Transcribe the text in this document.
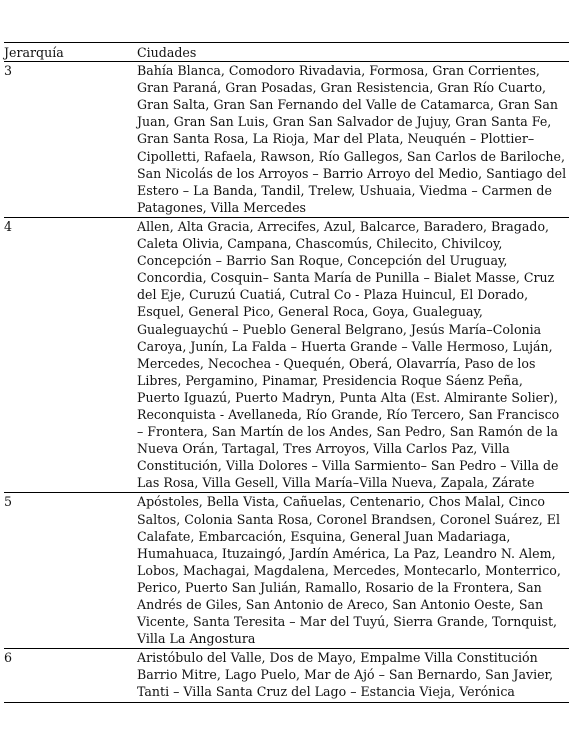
Jerarquía	Ciudades
3	Bahía Blanca, Comodoro Rivadavia, Formosa, Gran Corrientes, Gran Paraná, Gran Posadas, Gran Resistencia, Gran Río Cuarto, Gran Salta, Gran San Fernando del Valle de Catamarca, Gran San Juan, Gran San Luis, Gran San Salvador de Jujuy, Gran Santa Fe, Gran Santa Rosa, La Rioja, Mar del Plata, Neuquén – Plottier– Cipolletti, Rafaela, Rawson, Río Gallegos, San Carlos de Bariloche, San Nicolás de los Arroyos – Barrio Arroyo del Medio, Santiago del Estero – La Banda, Tandil, Trelew, Ushuaia, Viedma – Carmen de Patagones, Villa Mercedes
4	Allen, Alta Gracia, Arrecifes, Azul, Balcarce, Baradero, Bragado, Caleta Olivia, Campana, Chascomús, Chilecito, Chivilcoy, Concepción – Barrio San Roque, Concepción del Uruguay, Concordia, Cosquin– Santa María de Punilla – Bialet Masse, Cruz del Eje, Curuzú Cuatiá, Cutral Co - Plaza Huincul, El Dorado, Esquel, General Pico, General Roca, Goya, Gualeguay, Gualeguaychú – Pueblo General Belgrano, Jesús María–Colonia Caroya, Junín, La Falda – Huerta Grande – Valle Hermoso, Luján, Mercedes, Necochea - Quequén, Oberá, Olavarría, Paso de los Libres, Pergamino, Pinamar, Presidencia Roque Sáenz Peña, Puerto Iguazú, Puerto Madryn, Punta Alta (Est. Almirante Solier), Reconquista - Avellaneda, Río Grande, Río Tercero, San Francisco – Frontera, San Martín de los Andes, San Pedro, San Ramón de la Nueva Orán, Tartagal, Tres Arroyos, Villa Carlos Paz, Villa Constitución, Villa Dolores – Villa Sarmiento– San Pedro – Villa de Las Rosa, Villa Gesell, Villa María–Villa Nueva, Zapala, Zárate
5	Apóstoles, Bella Vista, Cañuelas, Centenario, Chos Malal, Cinco Saltos, Colonia Santa Rosa, Coronel Brandsen, Coronel Suárez, El Calafate, Embarcación, Esquina, General Juan Madariaga, Humahuaca, Ituzaingó, Jardín América, La Paz, Leandro N. Alem, Lobos, Machagai, Magdalena, Mercedes, Montecarlo, Monterrico, Perico, Puerto San Julián, Ramallo, Rosario de la Frontera, San Andrés de Giles, San Antonio de Areco, San Antonio Oeste, San Vicente, Santa Teresita – Mar del Tuyú, Sierra Grande, Tornquist, Villa La Angostura
6	Aristóbulo del Valle, Dos de Mayo, Empalme Villa Constitución Barrio Mitre, Lago Puelo, Mar de Ajó – San Bernardo, San Javier, Tanti – Villa Santa Cruz del Lago – Estancia Vieja, Verónica
